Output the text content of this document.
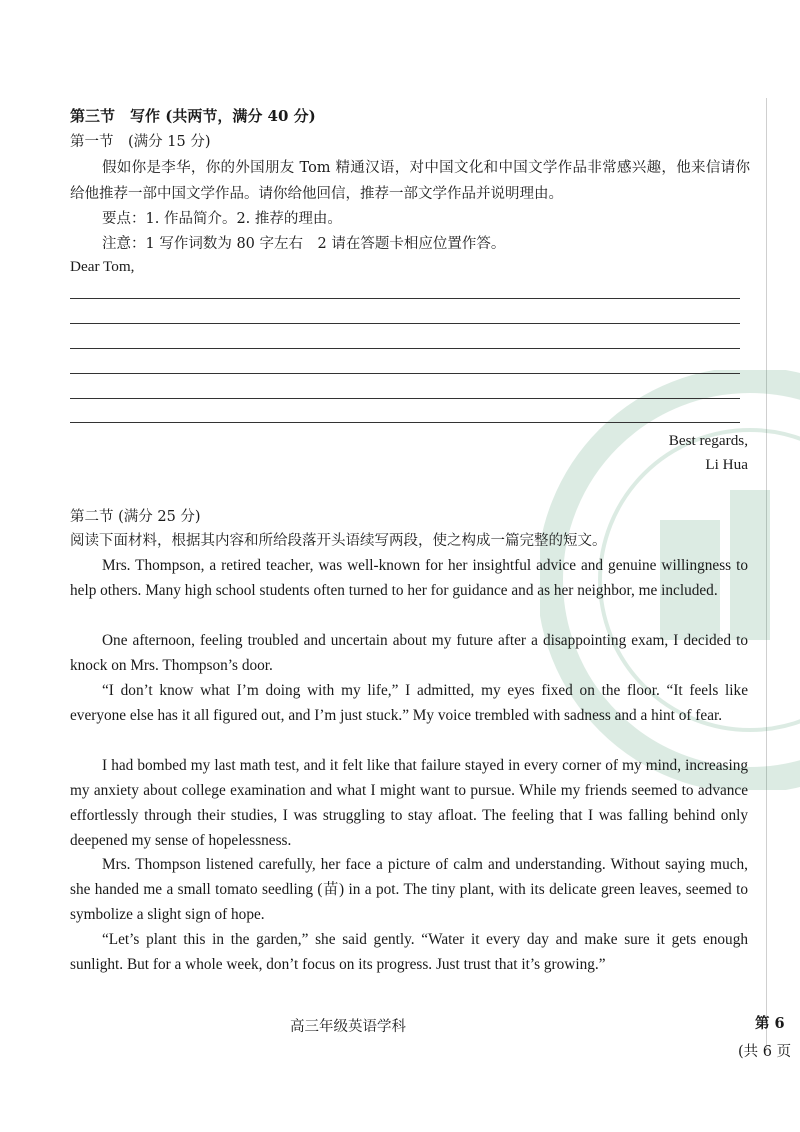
第三节　写作 (共两节，满分 40 分)
第一节　(满分 15 分)
假如你是李华，你的外国朋友 Tom 精通汉语，对中国文化和中国文学作品非常感兴趣，他来信请你给他推荐一部中国文学作品。请你给他回信，推荐一部文学作品并说明理由。
要点：1. 作品简介。2. 推荐的理由。
注意：1 写作词数为 80 字左右　2 请在答题卡相应位置作答。
Dear Tom,
Best regards,
Li Hua
第二节 (满分 25 分)
阅读下面材料，根据其内容和所给段落开头语续写两段，使之构成一篇完整的短文。
Mrs. Thompson, a retired teacher, was well-known for her insightful advice and genuine willingness to help others. Many high school students often turned to her for guidance and as her neighbor, me included.
One afternoon, feeling troubled and uncertain about my future after a disappointing exam, I decided to knock on Mrs. Thompson’s door.
“I don’t know what I’m doing with my life,” I admitted, my eyes fixed on the floor. “It feels like everyone else has it all figured out, and I’m just stuck.” My voice trembled with sadness and a hint of fear.
I had bombed my last math test, and it felt like that failure stayed in every corner of my mind, increasing my anxiety about college examination and what I might want to pursue. While my friends seemed to advance effortlessly through their studies, I was struggling to stay afloat. The feeling that I was falling behind only deepened my sense of hopelessness.
Mrs. Thompson listened carefully, her face a picture of calm and understanding. Without saying much, she handed me a small tomato seedling (苗) in a pot. The tiny plant, with its delicate green leaves, seemed to symbolize a slight sign of hope.
“Let’s plant this in the garden,” she said gently. “Water it every day and make sure it gets enough sunlight. But for a whole week, don’t focus on its progress. Just trust that it’s growing.”
高三年级英语学科	第 6
(共 6 页
